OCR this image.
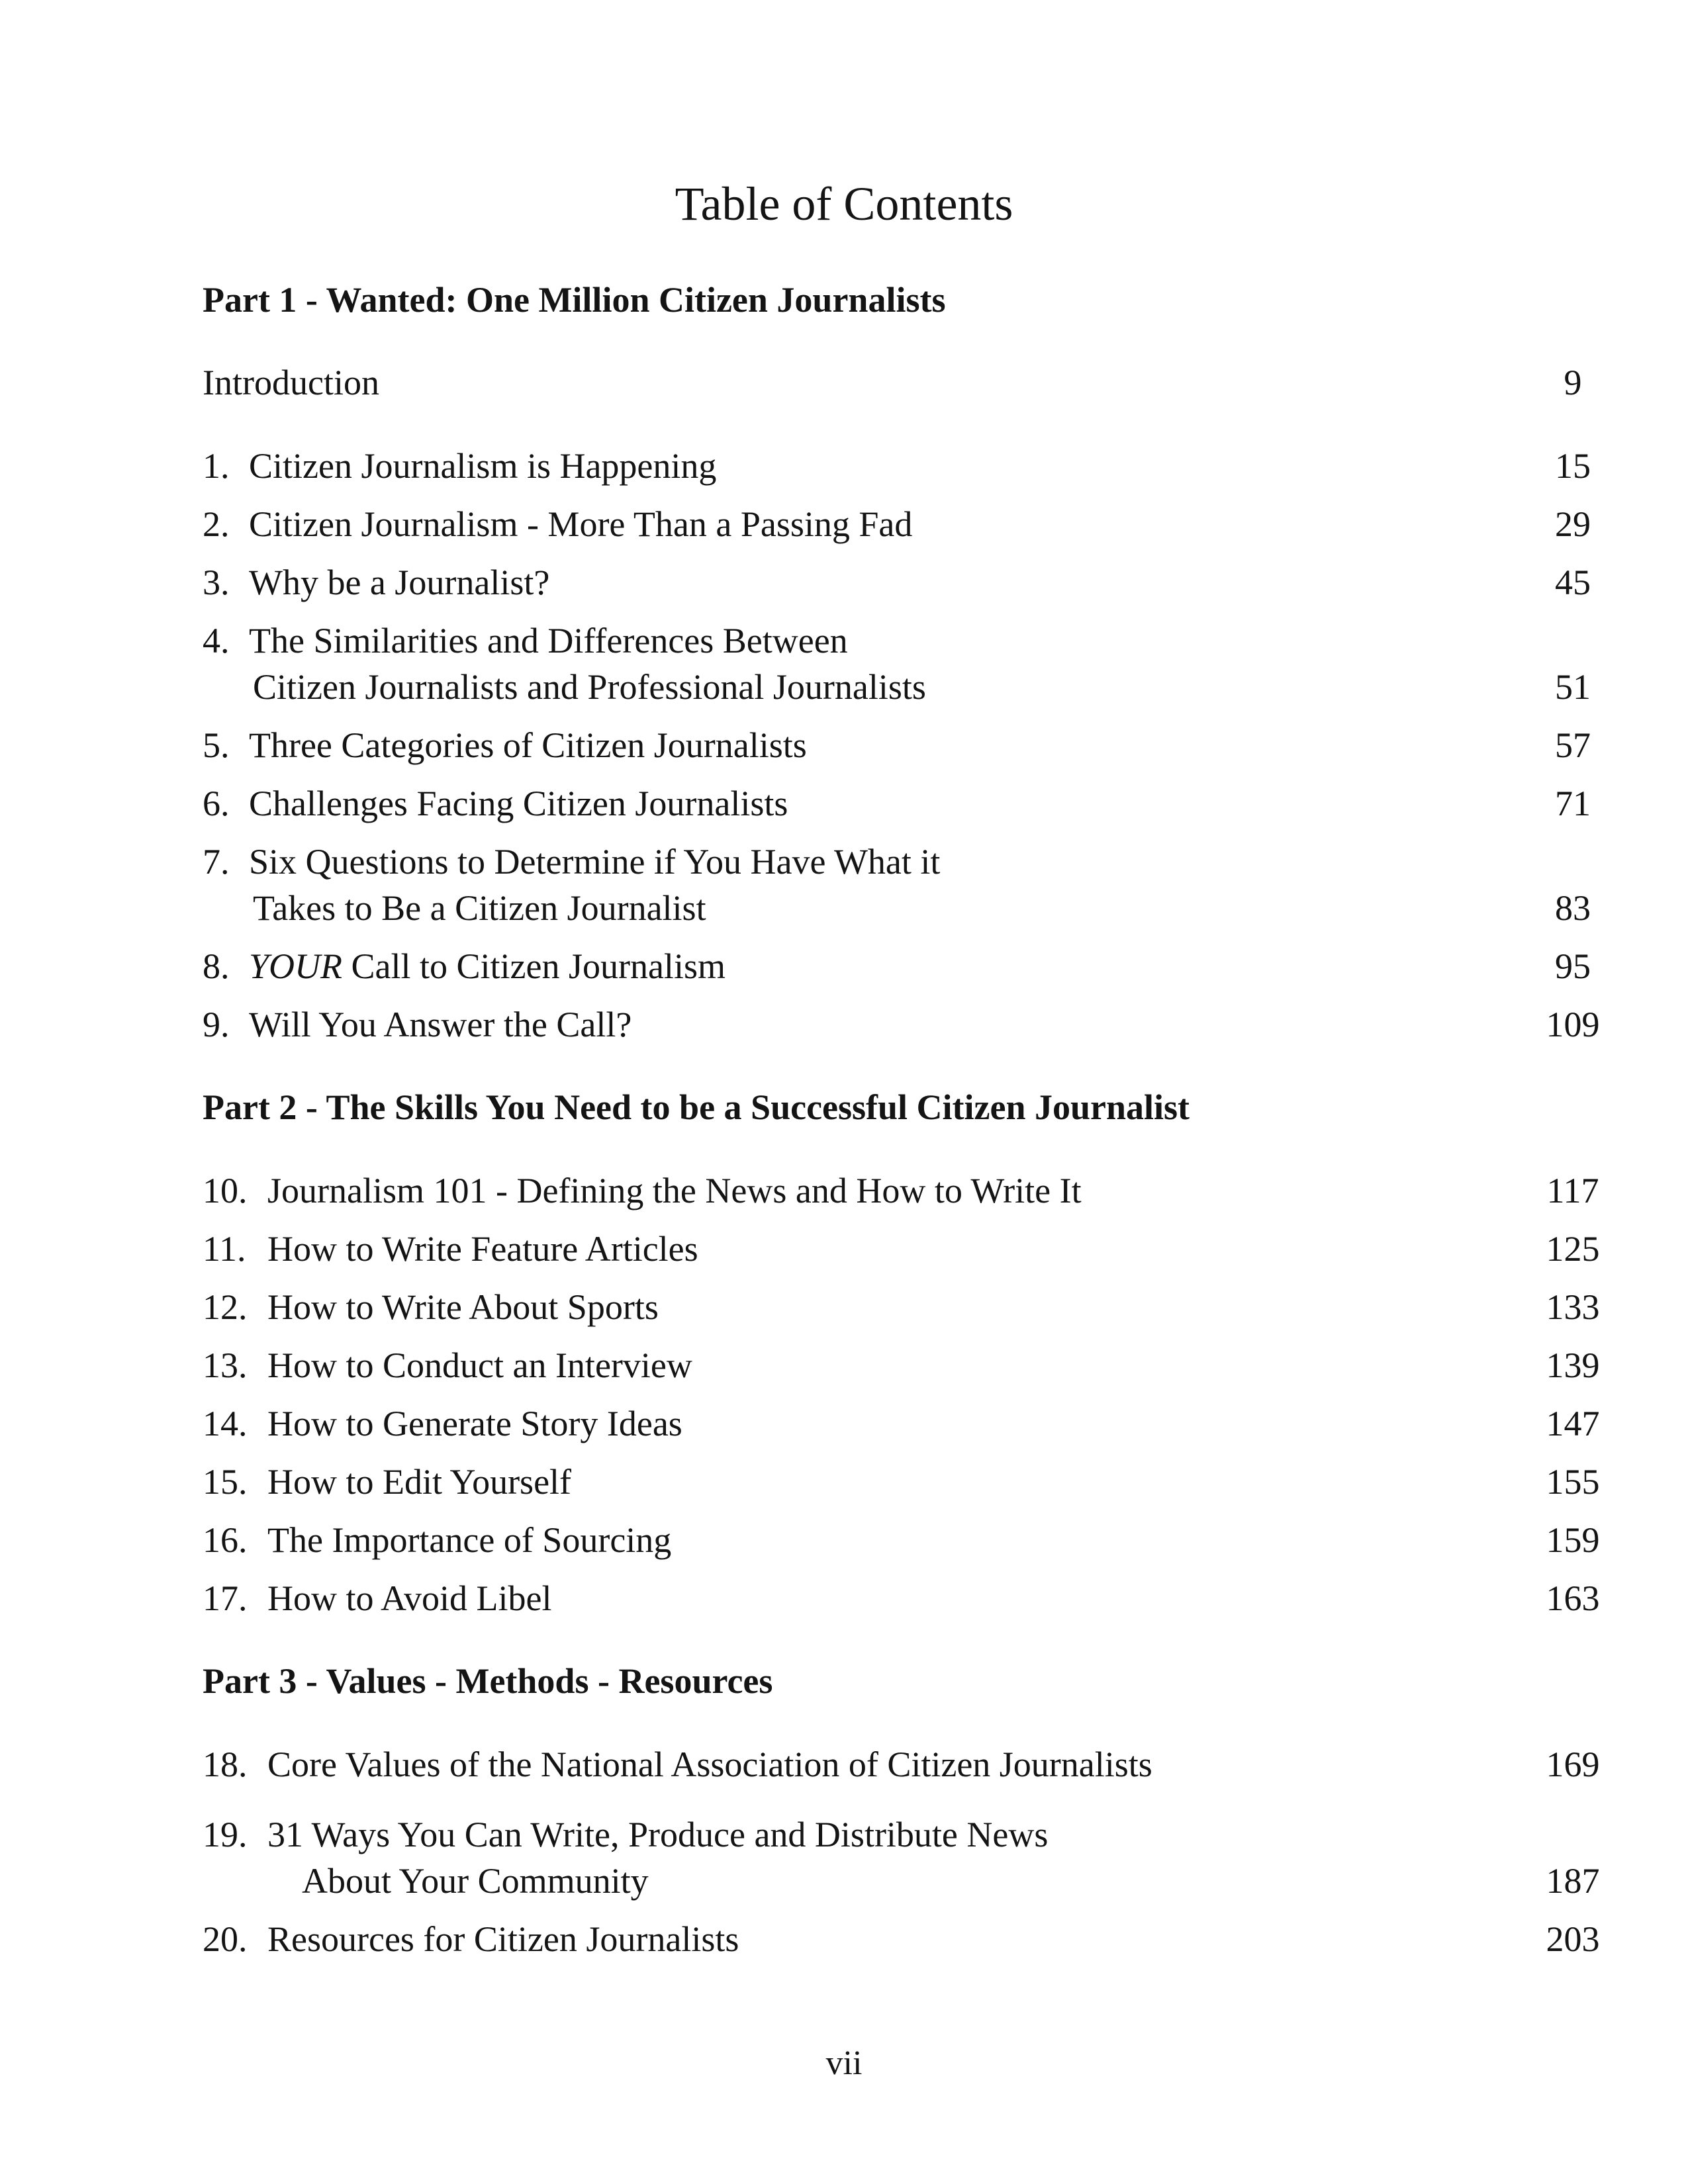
Table of Contents
Part 1 - Wanted: One Million Citizen Journalists
Introduction	9
1. Citizen Journalism is Happening	15
2. Citizen Journalism - More Than a Passing Fad	29
3. Why be a Journalist?	45
4. The Similarities and Differences Between
Citizen Journalists and Professional Journalists	51
5. Three Categories of Citizen Journalists	57
6. Challenges Facing Citizen Journalists	71
7. Six Questions to Determine if You Have What it
Takes to Be a Citizen Journalist	83
8. YOUR Call to Citizen Journalism	95
9. Will You Answer the Call?	109
Part 2 - The Skills You Need to be a Successful Citizen Journalist
10. Journalism 101 - Defining the News and How to Write It	117
11. How to Write Feature Articles	125
12. How to Write About Sports	133
13. How to Conduct an Interview	139
14. How to Generate Story Ideas	147
15. How to Edit Yourself	155
16. The Importance of Sourcing	159
17. How to Avoid Libel	163
Part 3 - Values - Methods - Resources
18. Core Values of the National Association of Citizen Journalists	169
19. 31 Ways You Can Write, Produce and Distribute News
About Your Community	187
20. Resources for Citizen Journalists	203
vii
